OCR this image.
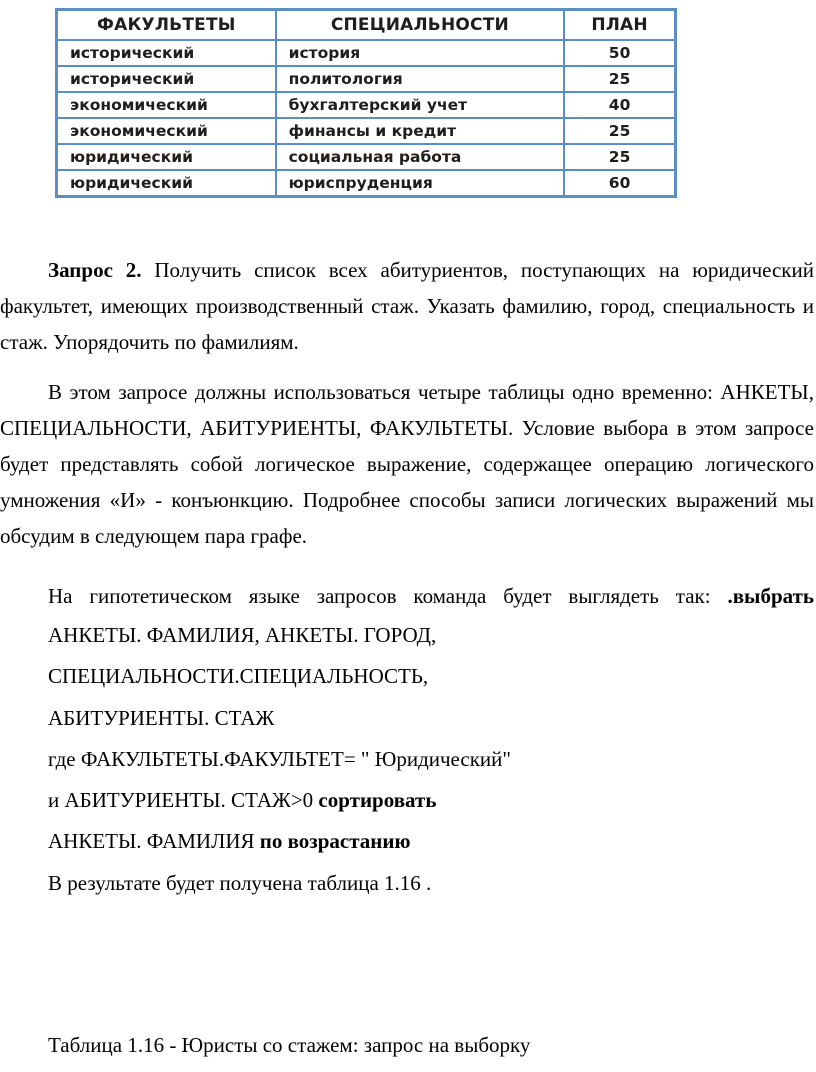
ФАКУЛЬТЕТЫ	СПЕЦИАЛЬНОСТИ	ПЛАН
исторический	история	50
исторический	политология	25
экономический	бухгалтерский учет	40
экономический	финансы и кредит	25
юридический	социальная работа	25
юридический	юриспруденция	60
Запрос 2. Получить список всех абитуриентов, поступающих на юридический факультет, имеющих производственный стаж. Указать фамилию, город, специальность и стаж. Упорядочить по фамилиям.
В этом запросе должны использоваться четыре таблицы одно временно: АНКЕТЫ, СПЕЦИАЛЬНОСТИ, АБИТУРИЕНТЫ, ФАКУЛЬТЕТЫ. Условие выбора в этом запросе будет представлять собой логическое выражение, содержащее операцию логического умножения «И» - конъюнкцию. Подробнее способы записи логических выражений мы обсудим в следующем пара графе.
На гипотетическом языке запросов команда будет выглядеть так: .выбрать
АНКЕТЫ. ФАМИЛИЯ, АНКЕТЫ. ГОРОД,
СПЕЦИАЛЬНОСТИ.СПЕЦИАЛЬНОСТЬ,
АБИТУРИЕНТЫ. СТАЖ
где ФАКУЛЬТЕТЫ.ФАКУЛЬТЕТ= " Юридический"
и АБИТУРИЕНТЫ. СТАЖ>0 сортировать
АНКЕТЫ. ФАМИЛИЯ по возрастанию
В результате будет получена таблица 1.16 .
Таблица 1.16 - Юристы со стажем: запрос на выборку
